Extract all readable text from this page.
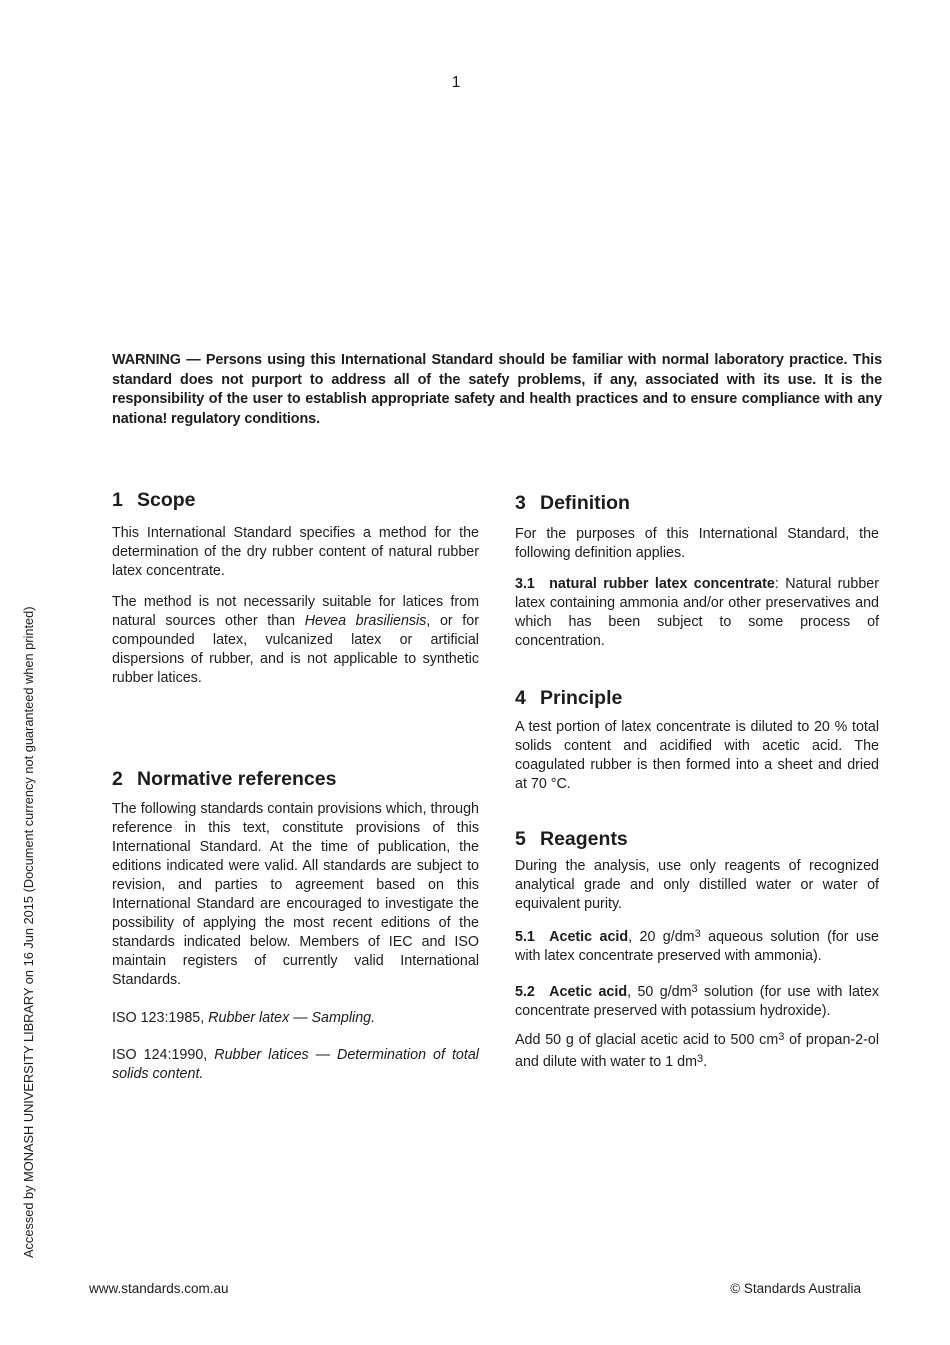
1

WARNING — Persons using this International Standard should be familiar with normal laboratory practice. This standard does not purport to address all of the satefy problems, if any, associated with its use. It is the responsibility of the user to establish appropriate safety and health practices and to ensure compliance with any nationa! regulatory conditions.

1 Scope

This International Standard specifies a method for the determination of the dry rubber content of natural rubber latex concentrate.

The method is not necessarily suitable for latices from natural sources other than Hevea brasiliensis, or for compounded latex, vulcanized latex or artificial dispersions of rubber, and is not applicable to synthetic rubber latices.

2 Normative references

The following standards contain provisions which, through reference in this text, constitute provisions of this International Standard. At the time of publication, the editions indicated were valid. All standards are subject to revision, and parties to agreement based on this International Standard are encouraged to investigate the possibility of applying the most recent editions of the standards indicated below. Members of IEC and ISO maintain registers of currently valid International Standards.

ISO 123:1985, Rubber latex — Sampling.

ISO 124:1990, Rubber latices — Determination of total solids content.

3 Definition

For the purposes of this International Standard, the following definition applies.

3.1  natural rubber latex concentrate: Natural rubber latex containing ammonia and/or other preservatives and which has been subject to some process of concentration.

4 Principle

A test portion of latex concentrate is diluted to 20 % total solids content and acidified with acetic acid. The coagulated rubber is then formed into a sheet and dried at 70 °C.

5 Reagents

During the analysis, use only reagents of recognized analytical grade and only distilled water or water of equivalent purity.

5.1  Acetic acid, 20 $g/dm^3$ aqueous solution (for use with latex concentrate preserved with ammonia).

5.2  Acetic acid, 50 $g/dm^3$ solution (for use with latex concentrate preserved with potassium hydroxide).

Add 50 g of glacial acetic acid to 500 $cm^3$ of propan-2-ol and dilute with water to 1 $dm^3$.

Accessed by MONASH UNIVERSITY LIBRARY on 16 Jun 2015 (Document currency not guaranteed when printed)
www.standards.com.au	© Standards Australia
